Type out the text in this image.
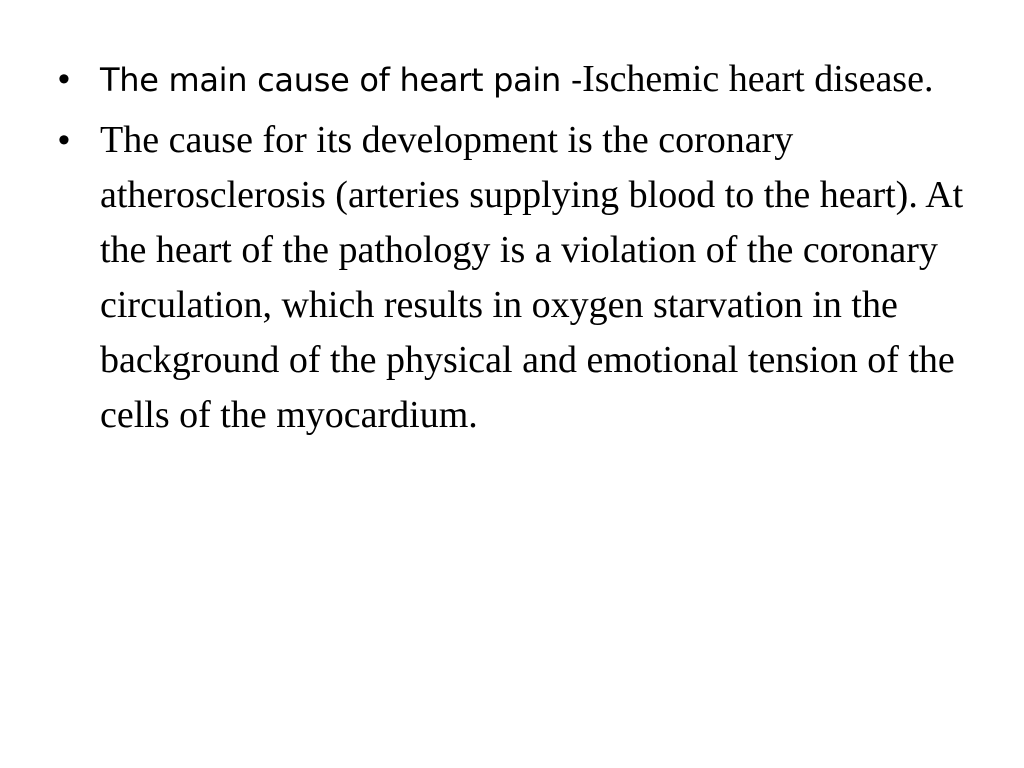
• The main cause of heart pain -Ischemic heart disease.
• The cause for its development is the coronary atherosclerosis (arteries supplying blood to the heart). At the heart of the pathology is a violation of the coronary circulation, which results in oxygen starvation in the background of the physical and emotional tension of the cells of the myocardium.
